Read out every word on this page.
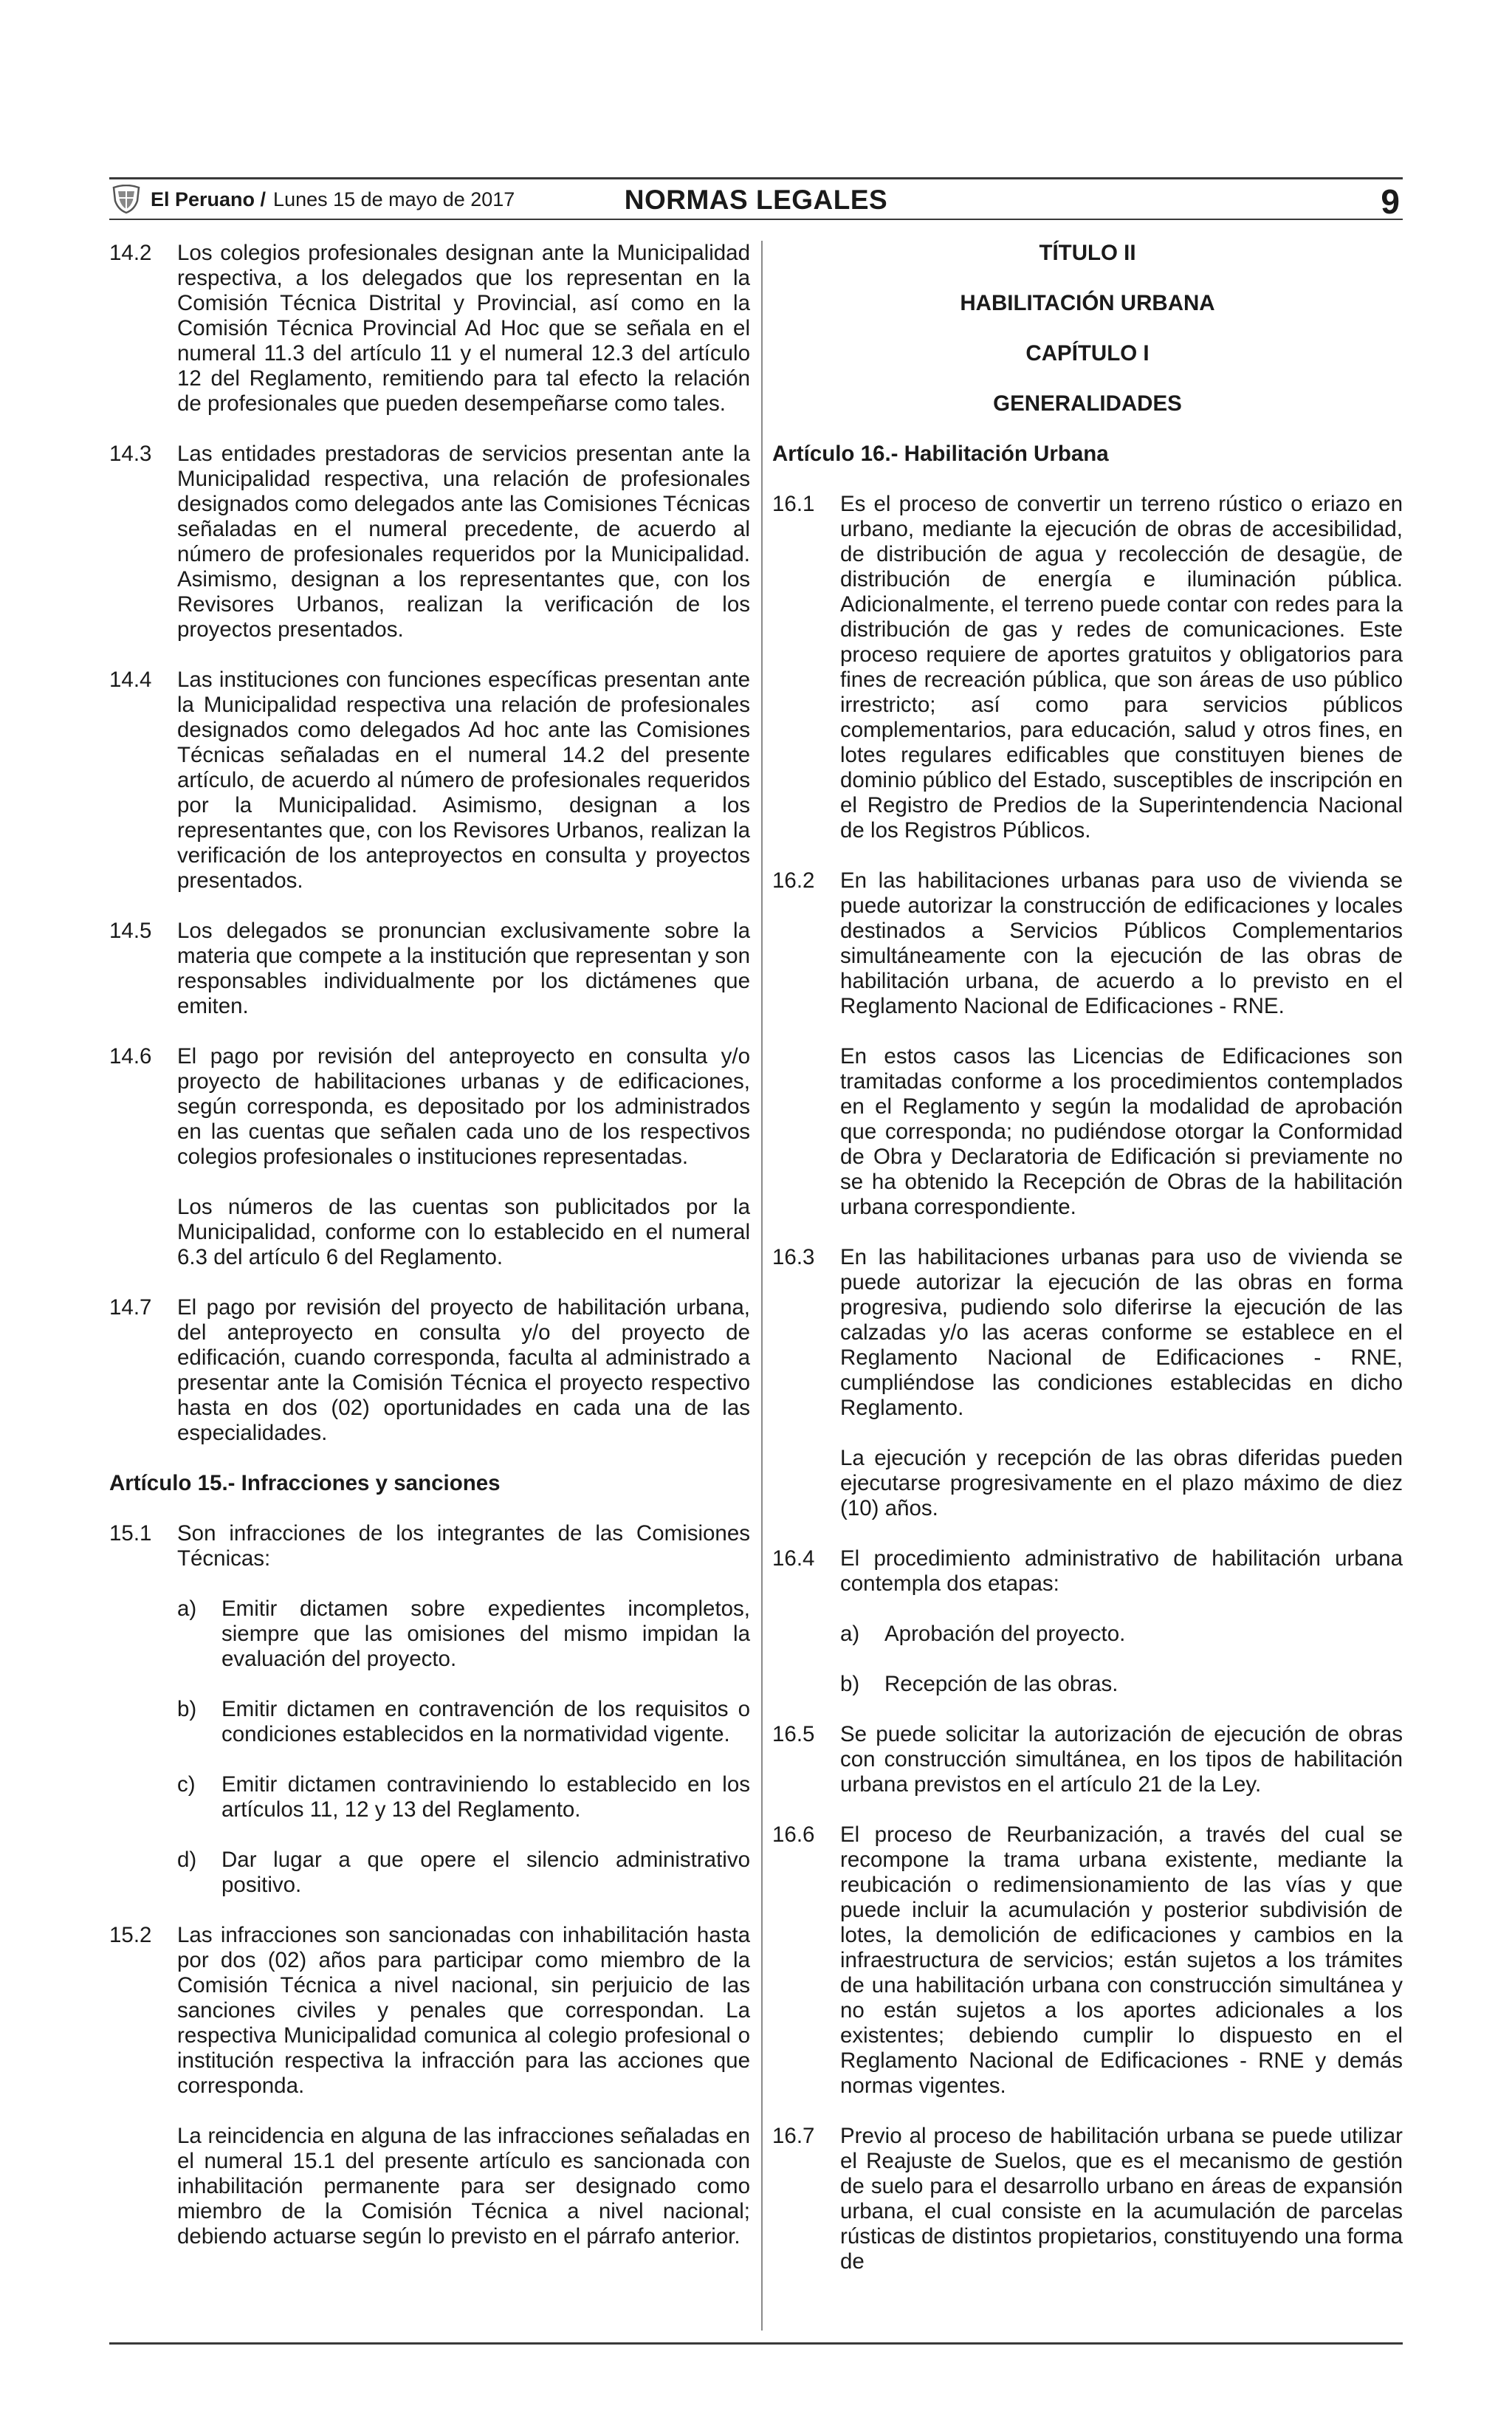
El Peruano / Lunes 15 de mayo de 2017	NORMAS LEGALES	9
14.2	Los colegios profesionales designan ante la Municipalidad respectiva, a los delegados que los representan en la Comisión Técnica Distrital y Provincial, así como en la Comisión Técnica Provincial Ad Hoc que se señala en el numeral 11.3 del artículo 11 y el numeral 12.3 del artículo 12 del Reglamento, remitiendo para tal efecto la relación de profesionales que pueden desempeñarse como tales.

14.3	Las entidades prestadoras de servicios presentan ante la Municipalidad respectiva, una relación de profesionales designados como delegados ante las Comisiones Técnicas señaladas en el numeral precedente, de acuerdo al número de profesionales requeridos por la Municipalidad. Asimismo, designan a los representantes que, con los Revisores Urbanos, realizan la verificación de los proyectos presentados.

14.4	Las instituciones con funciones específicas presentan ante la Municipalidad respectiva una relación de profesionales designados como delegados Ad hoc ante las Comisiones Técnicas señaladas en el numeral 14.2 del presente artículo, de acuerdo al número de profesionales requeridos por la Municipalidad. Asimismo, designan a los representantes que, con los Revisores Urbanos, realizan la verificación de los anteproyectos en consulta y proyectos presentados.

14.5	Los delegados se pronuncian exclusivamente sobre la materia que compete a la institución que representan y son responsables individualmente por los dictámenes que emiten.

14.6	El pago por revisión del anteproyecto en consulta y/o proyecto de habilitaciones urbanas y de edificaciones, según corresponda, es depositado por los administrados en las cuentas que señalen cada uno de los respectivos colegios profesionales o instituciones representadas.

Los números de las cuentas son publicitados por la Municipalidad, conforme con lo establecido en el numeral 6.3 del artículo 6 del Reglamento.

14.7	El pago por revisión del proyecto de habilitación urbana, del anteproyecto en consulta y/o del proyecto de edificación, cuando corresponda, faculta al administrado a presentar ante la Comisión Técnica el proyecto respectivo hasta en dos (02) oportunidades en cada una de las especialidades.

Artículo 15.- Infracciones y sanciones
15.1	Son infracciones de los integrantes de las Comisiones Técnicas:

a)	Emitir dictamen sobre expedientes incompletos, siempre que las omisiones del mismo impidan la evaluación del proyecto.
b)	Emitir dictamen en contravención de los requisitos o condiciones establecidos en la normatividad vigente.
c)	Emitir dictamen contraviniendo lo establecido en los artículos 11, 12 y 13 del Reglamento.
d)	Dar lugar a que opere el silencio administrativo positivo.
15.2	Las infracciones son sancionadas con inhabilitación hasta por dos (02) años para participar como miembro de la Comisión Técnica a nivel nacional, sin perjuicio de las sanciones civiles y penales que correspondan. La respectiva Municipalidad comunica al colegio profesional o institución respectiva la infracción para las acciones que corresponda.

La reincidencia en alguna de las infracciones señaladas en el numeral 15.1 del presente artículo es sancionada con inhabilitación permanente para ser designado como miembro de la Comisión Técnica a nivel nacional; debiendo actuarse según lo previsto en el párrafo anterior.

TÍTULO II
HABILITACIÓN URBANA
CAPÍTULO I
GENERALIDADES
Artículo 16.- Habilitación Urbana
16.1	Es el proceso de convertir un terreno rústico o eriazo en urbano, mediante la ejecución de obras de accesibilidad, de distribución de agua y recolección de desagüe, de distribución de energía e iluminación pública. Adicionalmente, el terreno puede contar con redes para la distribución de gas y redes de comunicaciones. Este proceso requiere de aportes gratuitos y obligatorios para fines de recreación pública, que son áreas de uso público irrestricto; así como para servicios públicos complementarios, para educación, salud y otros fines, en lotes regulares edificables que constituyen bienes de dominio público del Estado, susceptibles de inscripción en el Registro de Predios de la Superintendencia Nacional de los Registros Públicos.

16.2	En las habilitaciones urbanas para uso de vivienda se puede autorizar la construcción de edificaciones y locales destinados a Servicios Públicos Complementarios simultáneamente con la ejecución de las obras de habilitación urbana, de acuerdo a lo previsto en el Reglamento Nacional de Edificaciones - RNE.

En estos casos las Licencias de Edificaciones son tramitadas conforme a los procedimientos contemplados en el Reglamento y según la modalidad de aprobación que corresponda; no pudiéndose otorgar la Conformidad de Obra y Declaratoria de Edificación si previamente no se ha obtenido la Recepción de Obras de la habilitación urbana correspondiente.

16.3	En las habilitaciones urbanas para uso de vivienda se puede autorizar la ejecución de las obras en forma progresiva, pudiendo solo diferirse la ejecución de las calzadas y/o las aceras conforme se establece en el Reglamento Nacional de Edificaciones - RNE, cumpliéndose las condiciones establecidas en dicho Reglamento.

La ejecución y recepción de las obras diferidas pueden ejecutarse progresivamente en el plazo máximo de diez (10) años.

16.4	El procedimiento administrativo de habilitación urbana contempla dos etapas:

a)	Aprobación del proyecto.
b)	Recepción de las obras.
16.5	Se puede solicitar la autorización de ejecución de obras con construcción simultánea, en los tipos de habilitación urbana previstos en el artículo 21 de la Ley.

16.6	El proceso de Reurbanización, a través del cual se recompone la trama urbana existente, mediante la reubicación o redimensionamiento de las vías y que puede incluir la acumulación y posterior subdivisión de lotes, la demolición de edificaciones y cambios en la infraestructura de servicios; están sujetos a los trámites de una habilitación urbana con construcción simultánea y no están sujetos a los aportes adicionales a los existentes; debiendo cumplir lo dispuesto en el Reglamento Nacional de Edificaciones - RNE y demás normas vigentes.

16.7	Previo al proceso de habilitación urbana se puede utilizar el Reajuste de Suelos, que es el mecanismo de gestión de suelo para el desarrollo urbano en áreas de expansión urbana, el cual consiste en la acumulación de parcelas rústicas de distintos propietarios, constituyendo una forma de
